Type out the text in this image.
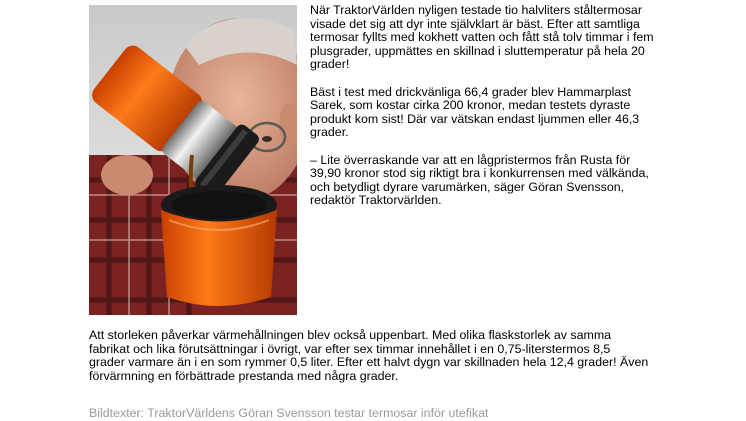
När TraktorVärlden nyligen testade tio halvliters ståltermosar visade det sig att dyr inte självklart är bäst. Efter att samtliga termosar fyllts med kokhett vatten och fått stå tolv timmar i fem plusgrader, uppmättes en skillnad i sluttemperatur på hela 20 grader!

Bäst i test med drickvänliga 66,4 grader blev Hammarplast Sarek, som kostar cirka 200 kronor, medan testets dyraste produkt kom sist! Där var vätskan endast ljummen eller 46,3 grader.

– Lite överraskande var att en lågpristermos från Rusta för 39,90 kronor stod sig riktigt bra i konkurrensen med välkända, och betydligt dyrare varumärken, säger Göran Svensson, redaktör Traktorvärlden.

Att storleken påverkar värmehållningen blev också uppenbart. Med olika flaskstorlek av samma fabrikat och lika förutsättningar i övrigt, var efter sex timmar innehållet i en 0,75-literstermos 8,5 grader varmare än i en som rymmer 0,5 liter. Efter ett halvt dygn var skillnaden hela 12,4 grader! Även förvärmning en förbättrade prestanda med några grader.

Bildtexter: TraktorVärldens Göran Svensson testar termosar inför utefikat
